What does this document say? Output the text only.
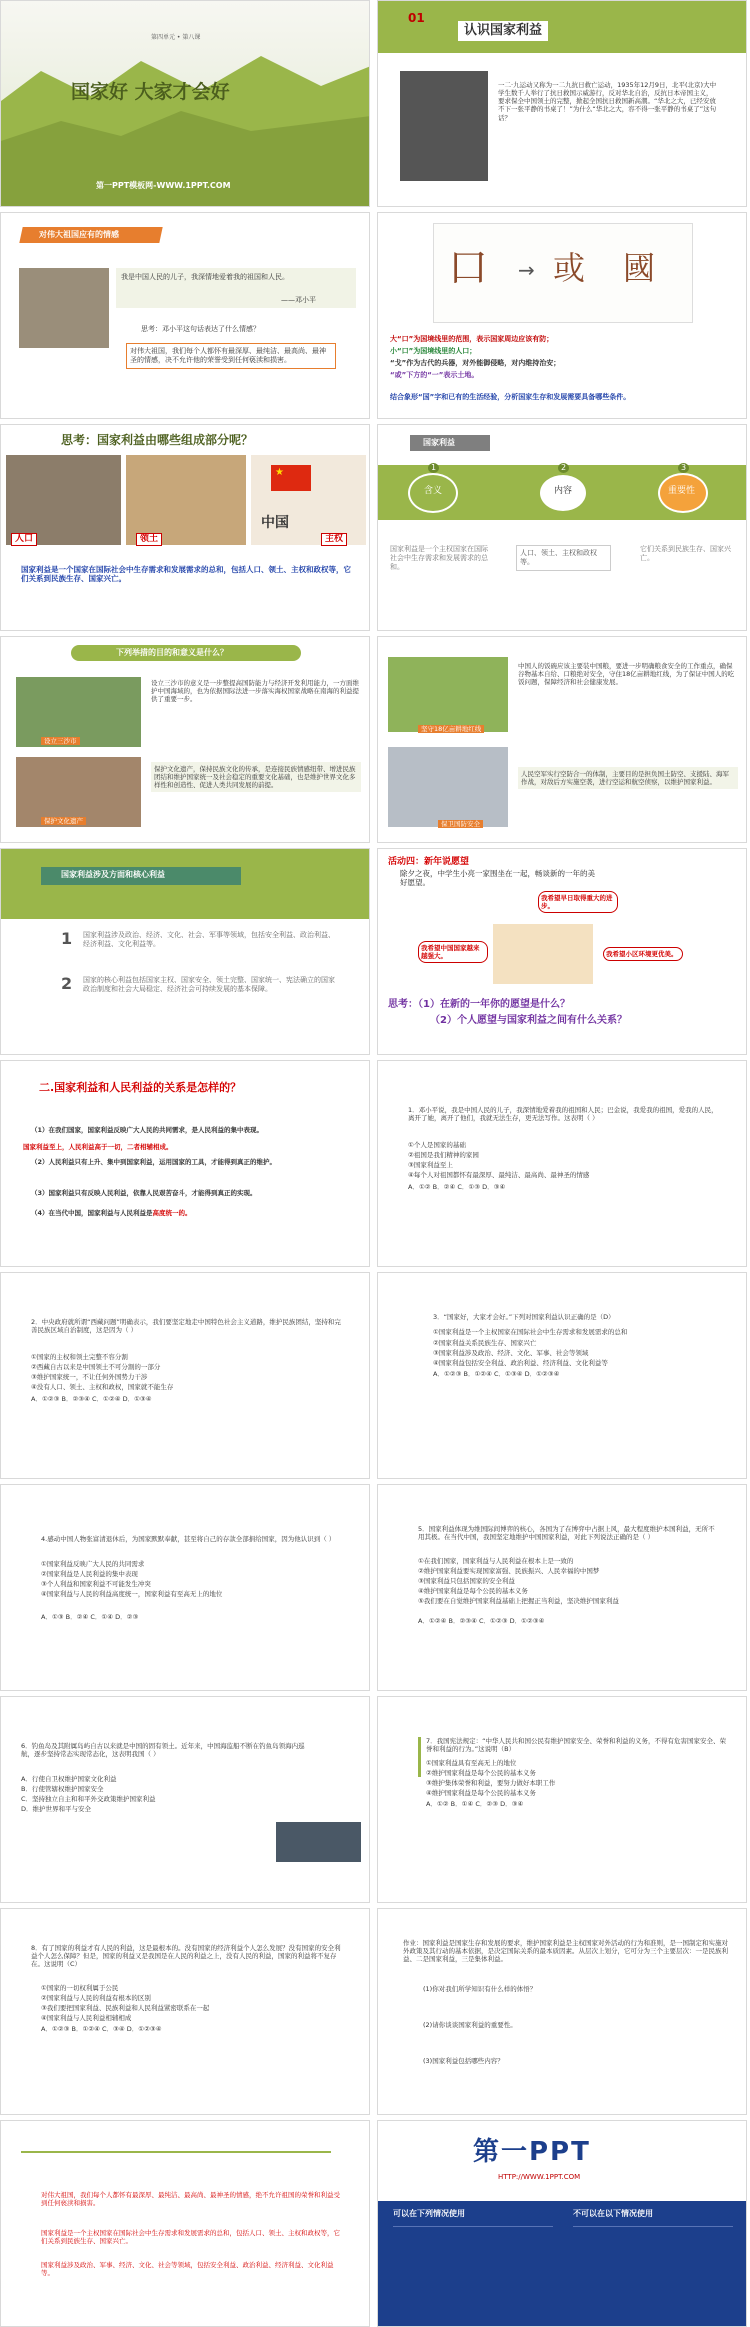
第四单元 • 第八课
国家好 大家才会好
第一PPT模板网-WWW.1PPT.COM
01
认识国家利益
一二·九运动又称为一二九抗日救亡运动，1935年12月9日，北平(北京)大中学生数千人举行了抗日救国示威游行，反对华北自治，反抗日本帝国主义，要求保全中国领土的完整，掀起全国抗日救国新高潮。“华北之大，已经安放不下一张平静的书桌了！”为什么“华北之大，容不得一张平静的书桌了”这句话？
对伟大祖国应有的情感
我是中国人民的儿子，我深情地爱着我的祖国和人民。
——邓小平
思考：邓小平这句话表达了什么情感？
对伟大祖国，我们每个人都怀有最深厚、最纯洁、最高尚、最神圣的情感，决不允许他的荣誉受到任何亵渎和损害。
口 → 或 國
大“口”为国境线里的范围，表示国家周边应该有防；
小“口”为国境线里的人口；
“戈”作为古代的兵器，对外能御侵略，对内维持治安；
“或”下方的“一”表示土地。
结合象形“国”字和已有的生活经验，分析国家生存和发展需要具备哪些条件。
思考：国家利益由哪些组成部分呢？
★
中国
人口	领土	主权
国家利益是一个国家在国际社会中生存需求和发展需求的总和，包括人口、领土、主权和政权等，它们关系到民族生存、国家兴亡。
国家利益
1	2	3
含义	内容	重要性
国家利益是一个主权国家在国际社会中生存需求和发展需求的总和。
人口、领土、主权和政权等。
它们关系到民族生存、国家兴亡。
下列举措的目的和意义是什么？
设立三沙市
设立三沙市的意义是一步整提高国防能力与经济开发利用能力，一方面维护中国海域的，也为依据国际法进一步落实海权国家战略在南海的利益提供了重要一步。
保护文化遗产
保护文化遗产，保持民族文化的传承，是连接民族情感纽带、增进民族团结和维护国家统一及社会稳定的重要文化基础，也是维护世界文化多样性和创造性、促进人类共同发展的前提。
坚守18亿亩耕地红线
中国人的饭碗应该主要装中国粮，要进一步明确粮食安全的工作重点，确保谷物基本自给、口粮绝对安全，守住18亿亩耕地红线，为了保证中国人的吃饭问题，保障经济和社会健康发展。
保卫国防安全
人民空军实行空防合一的体制，主要目的是担负国土防空、支援陆、海军作战，对敌后方实施空袭，进行空运和航空侦察，以维护国家利益。
国家利益涉及方面和核心利益
1 国家利益涉及政治、经济、文化、社会、军事等领域，包括安全利益、政治利益、经济利益、文化利益等。
2 国家的核心利益包括国家主权、国家安全、领土完整、国家统一、宪法确立的国家政治制度和社会大局稳定、经济社会可持续发展的基本保障。
活动四：新年说愿望
除夕之夜，中学生小亮一家围坐在一起，畅谈新的一年的美好愿望。
我希望早日取得重大的进步。
我希望中国国家越来越强大。	我希望小区环境更优美。
思考：（1）在新的一年你的愿望是什么？
（2）个人愿望与国家利益之间有什么关系？
二.国家利益和人民利益的关系是怎样的？
（1）在我们国家，国家利益反映广大人民的共同需求，是人民利益的集中表现。
国家利益至上，人民利益高于一切，二者相辅相成。
（2）人民利益只有上升、集中到国家利益，运用国家的工具，才能得到真正的维护。
（3）国家利益只有反映人民利益，依靠人民艰苦奋斗，才能得到真正的实现。
（4）在当代中国，国家利益与人民利益是高度统一的。
1．邓小平说，我是中国人民的儿子，我深情地爱着我的祖国和人民；巴金说，我爱我的祖国，爱我的人民，离开了她，离开了他们，我就无法生存，更无法写作。这表明（ ）
①个人是国家的基础
②祖国是我们精神的家园
③国家利益至上
④每个人对祖国都怀有最深厚、最纯洁、最高尚、最神圣的情感
A．①② B．②④ C．①③ D．③④
2．中央政府就所谓“西藏问题”明确表示，我们要坚定地走中国特色社会主义道路，维护民族团结，坚持和完善民族区域自治制度，这是因为（ ）
①国家的主权和领土完整不容分割
②西藏自古以来是中国领土不可分割的一部分
③维护国家统一，不让任何外国势力干涉
④没有人口、领土、主权和政权，国家就不能生存
A．①②③ B．②③④ C．①②④ D．①③④
3．“国家好，大家才会好。”下列对国家利益认识正确的是（D）
①国家利益是一个主权国家在国际社会中生存需求和发展需求的总和
②国家利益关系民族生存、国家兴亡
③国家利益涉及政治、经济、文化、军事、社会等领域
④国家利益包括安全利益、政治利益、经济利益、文化利益等
A．①②③ B．①②④ C．①③④ D．①②③④
4.感动中国人物张富清退休后，为国家默默奉献，甚至将自己的存款全部捐给国家，因为他认识到（ ）
①国家利益反映广大人民的共同需求
②国家利益是人民利益的集中表现
③个人利益和国家利益不可能发生冲突
④国家利益与人民的利益高度统一，国家利益有至高无上的地位
A．①③ B．②④ C．①④ D．②③
5．国家利益体现为维国际间博弈的核心，各国为了在博弈中占据上风，最大程度维护本国利益，无所不用其极。在当代中国，我国坚定地维护中国国家利益，对此下列说法正确的是（ ）
①在我们国家，国家利益与人民利益在根本上是一致的
②维护国家利益要实现国家富强、民族振兴、人民幸福的中国梦
③国家利益只包括国家的安全利益
④维护国家利益是每个公民的基本义务
⑤我们要在自觉维护国家利益基础上把握正当利益，坚决维护国家利益
A．①②④ B．②③④ C．①②③ D．①②③④
6．钓鱼岛及其附属岛屿自古以来就是中国的固有领土。近年来，中国海监船不断在钓鱼岛领海内巡航，逐步坚持常态实现常态化，这表明我国（ ）
A．行使自卫权维护国家文化利益
B．行使管辖权维护国家安全
C．坚持独立自主和和平外交政策维护国家利益
D．维护世界和平与安全
7．我国宪法规定：“中华人民共和国公民有维护国家安全、荣誉和利益的义务，不得有危害国家安全、荣誉和利益的行为。”这说明（B）
①国家利益具有至高无上的地位
②维护国家利益是每个公民的基本义务
③维护集体荣誉和利益，要努力做好本职工作
④维护国家利益是每个公民的基本义务
A．①② B．①④ C．②③ D．③④
8．有了国家的利益才有人民的利益，这是最根本的。没有国家的经济利益个人怎么发展？没有国家的安全利益个人怎么保障？但是，国家的利益又是我国是在人民的利益之上，没有人民的利益，国家的利益将不复存在。这说明（C）
①国家的一切权利属于公民
②国家利益与人民的利益有根本的区别
③我们要把国家利益、民族利益和人民利益紧密联系在一起
④国家利益与人民利益相辅相成
A．①②③ B．①②④ C．③④ D．①②③④
作业：国家利益是国家生存和发展的要求，维护国家利益是主权国家对外活动的行为和准则，是一国制定和实施对外政策及其行动的基本依据，是决定国际关系的最本质因素。从层次上划分，它可分为三个主要层次：一是民族利益、二是国家利益，三是集体利益。
(1)你对我们所学知识有什么样的体悟？
(2)请你谈谈国家利益的重要性。
(3)国家利益包括哪些内容？
对伟大祖国，我们每个人都怀有最深厚、最纯洁、最高尚、最神圣的情感，绝不允许祖国的荣誉和利益受到任何亵渎和损害。
国家利益是一个主权国家在国际社会中生存需求和发展需求的总和，包括人口、领土、主权和政权等，它们关系到民族生存、国家兴亡。
国家利益涉及政治、军事、经济、文化、社会等领域，包括安全利益、政治利益、经济利益、文化利益等。
第一PPT
HTTP://WWW.1PPT.COM
可以在下列情况使用	不可以在以下情况使用
